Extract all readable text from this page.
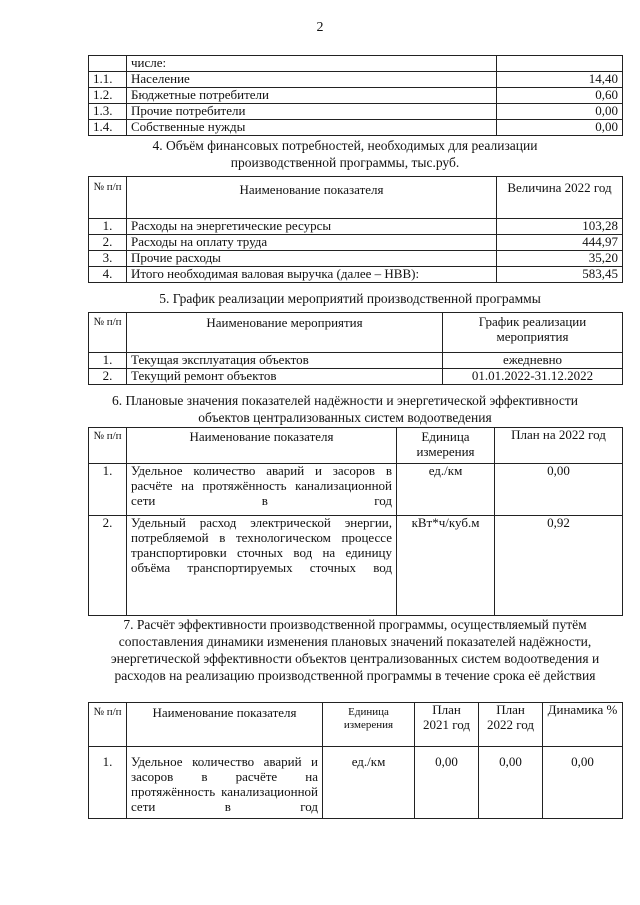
2
	числе:	
1.1.	Население	14,40
1.2.	Бюджетные потребители	0,60
1.3.	Прочие потребители	0,00
1.4.	Собственные нужды	0,00
4. Объём финансовых потребностей, необходимых для реализации производственной программы, тыс.руб.
№ п/п	Наименование показателя	Величина 2022 год
1.	Расходы на энергетические ресурсы	103,28
2.	Расходы на оплату труда	444,97
3.	Прочие расходы	35,20
4.	Итого необходимая валовая выручка (далее – НВВ):	583,45
5. График реализации мероприятий производственной программы
№ п/п	Наименование мероприятия	График реализации мероприятия
1.	Текущая эксплуатация объектов	ежедневно
2.	Текущий ремонт объектов	01.01.2022-31.12.2022
6. Плановые значения показателей надёжности и энергетической эффективности объектов централизованных систем водоотведения
№ п/п	Наименование показателя	Единица измерения	План на 2022 год
1.	Удельное количество аварий и засоров в расчёте на протяжённость канализационной сети в год	ед./км	0,00
2.	Удельный расход электрической энергии, потребляемой в технологическом процессе транспортировки сточных вод на единицу объёма транспортируемых сточных вод	кВт*ч/куб.м	0,92
7. Расчёт эффективности производственной программы, осуществляемый путём сопоставления динамики изменения плановых значений показателей надёжности, энергетической эффективности объектов централизованных систем водоотведения и расходов на реализацию производственной программы в течение срока её действия
№ п/п	Наименование показателя	Единица измерения	План 2021 год	План 2022 год	Динамика %
1.	Удельное количество аварий и засоров в расчёте на протяжённость канализационной сети в год	ед./км	0,00	0,00	0,00
